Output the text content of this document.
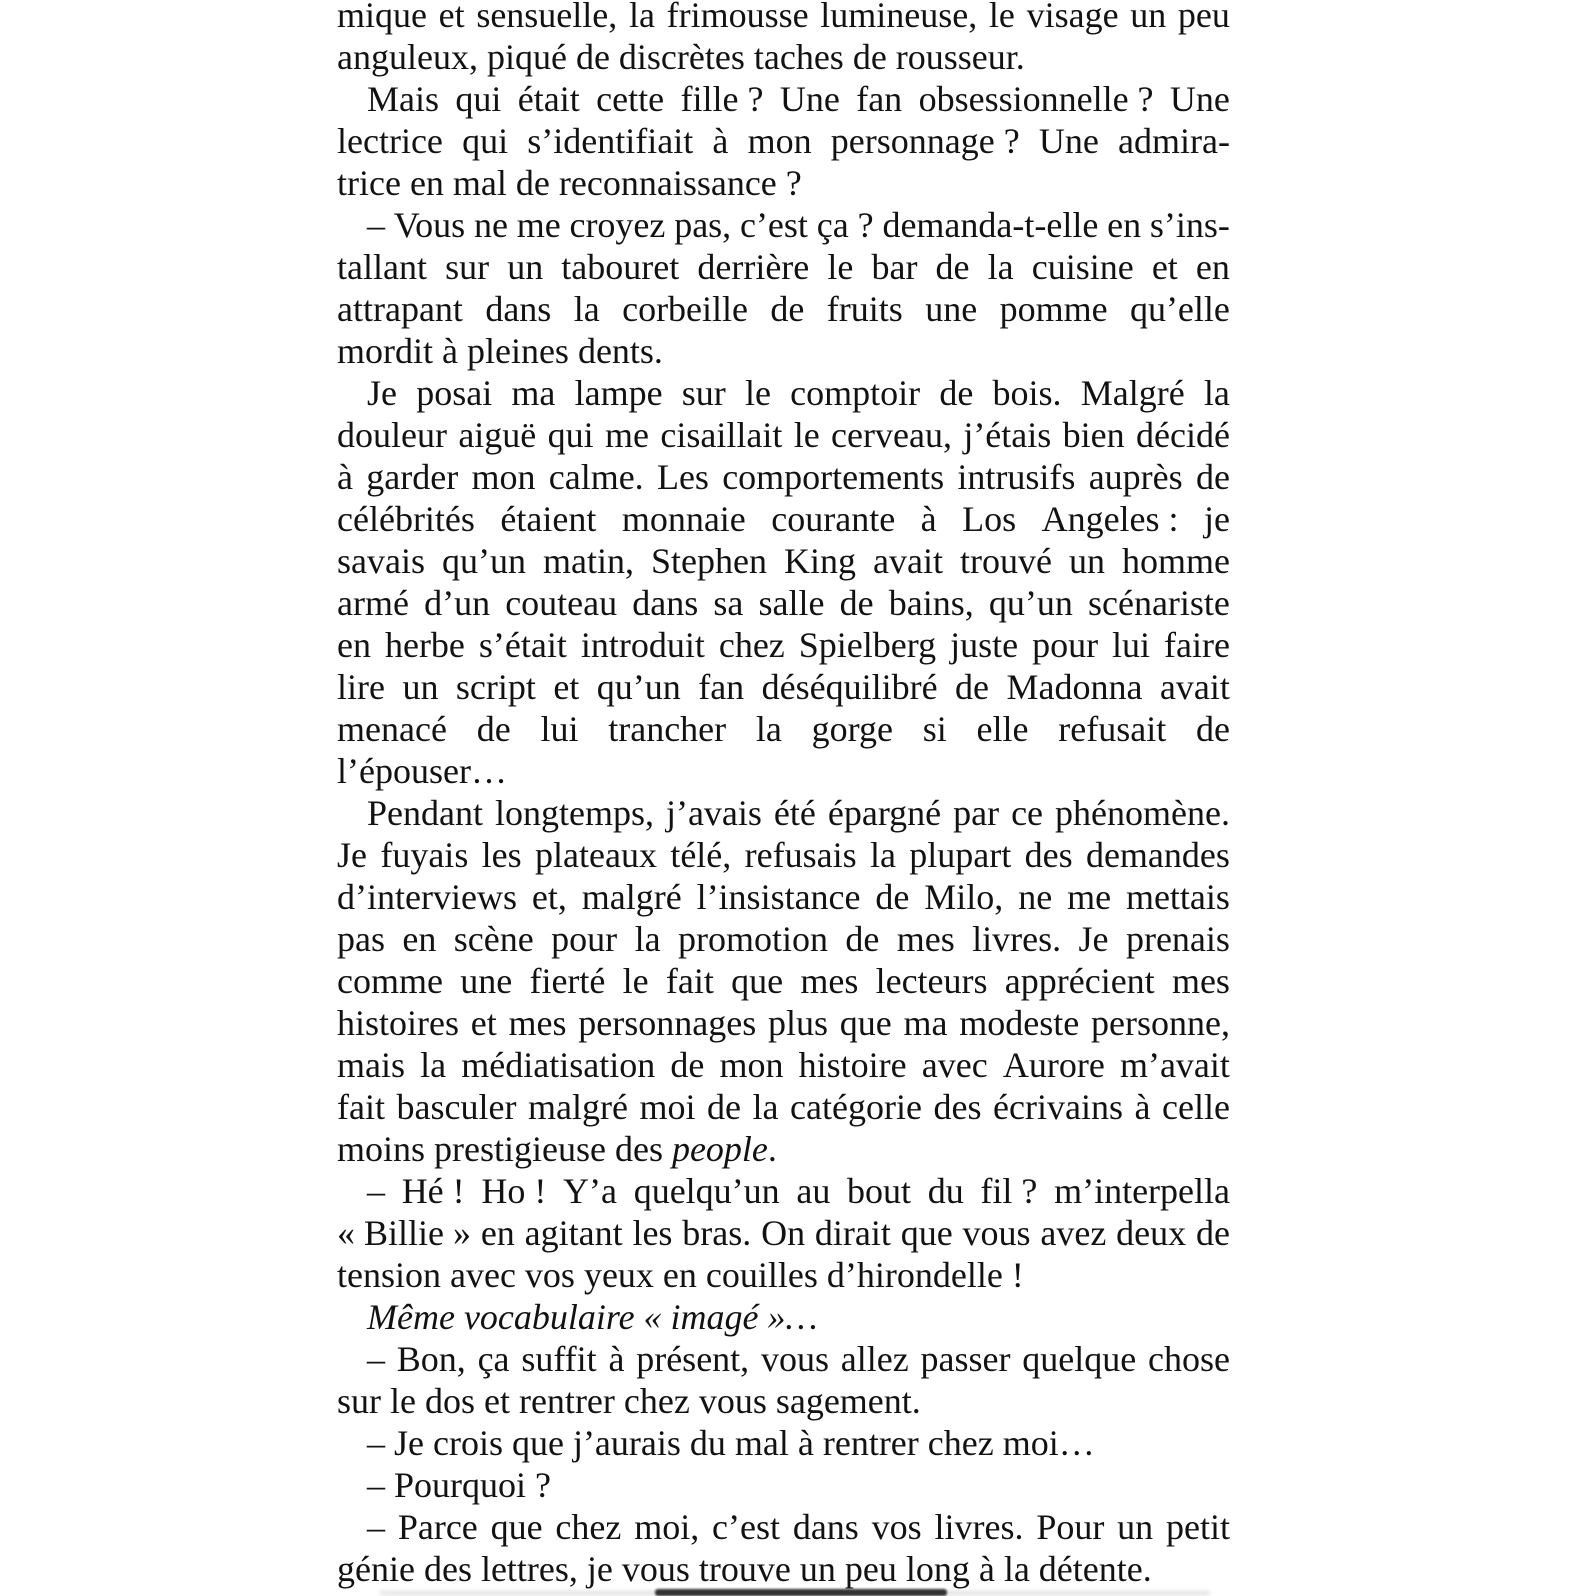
mique et sensuelle, la frimousse lumineuse, le visage un peu
anguleux, piqué de discrètes taches de rousseur.
Mais qui était cette fille ? Une fan obsessionnelle ? Une
lectrice qui s’identifiait à mon personnage ? Une admira-
trice en mal de reconnaissance ?
– Vous ne me croyez pas, c’est ça ? demanda-t-elle en s’ins-
tallant sur un tabouret derrière le bar de la cuisine et en
attrapant dans la corbeille de fruits une pomme qu’elle
mordit à pleines dents.
Je posai ma lampe sur le comptoir de bois. Malgré la
douleur aiguë qui me cisaillait le cerveau, j’étais bien décidé
à garder mon calme. Les comportements intrusifs auprès de
célébrités étaient monnaie courante à Los Angeles : je
savais qu’un matin, Stephen King avait trouvé un homme
armé d’un couteau dans sa salle de bains, qu’un scénariste
en herbe s’était introduit chez Spielberg juste pour lui faire
lire un script et qu’un fan déséquilibré de Madonna avait
menacé de lui trancher la gorge si elle refusait de
l’épouser…
Pendant longtemps, j’avais été épargné par ce phénomène.
Je fuyais les plateaux télé, refusais la plupart des demandes
d’interviews et, malgré l’insistance de Milo, ne me mettais
pas en scène pour la promotion de mes livres. Je prenais
comme une fierté le fait que mes lecteurs apprécient mes
histoires et mes personnages plus que ma modeste personne,
mais la médiatisation de mon histoire avec Aurore m’avait
fait basculer malgré moi de la catégorie des écrivains à celle
moins prestigieuse des people.
– Hé ! Ho ! Y’a quelqu’un au bout du fil ? m’interpella
« Billie » en agitant les bras. On dirait que vous avez deux de
tension avec vos yeux en couilles d’hirondelle !
Même vocabulaire « imagé »…
– Bon, ça suffit à présent, vous allez passer quelque chose
sur le dos et rentrer chez vous sagement.
– Je crois que j’aurais du mal à rentrer chez moi…
– Pourquoi ?
– Parce que chez moi, c’est dans vos livres. Pour un petit
génie des lettres, je vous trouve un peu long à la détente.
